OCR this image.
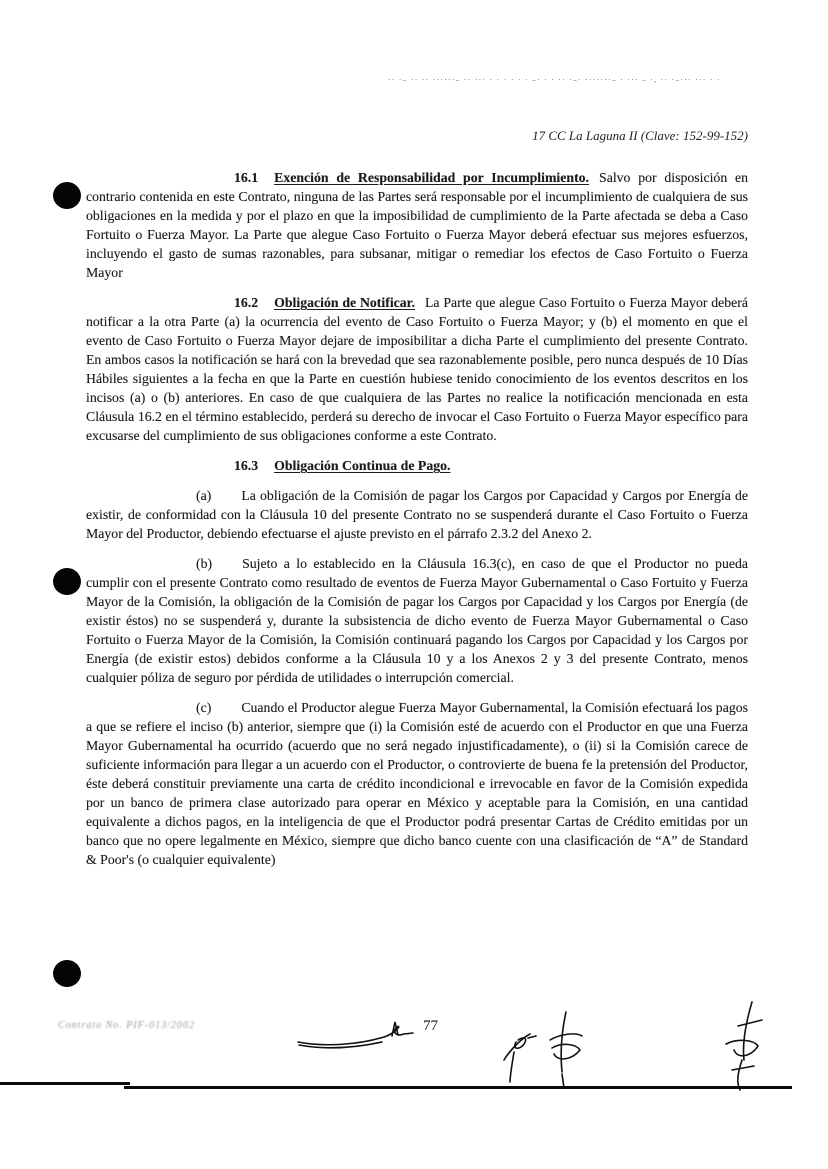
·· ·– ·· ·· ······– ·· ··· · · · · · · –· · · ·· ·–· ·······– · ··· – ·, ·· ·–··· ··· · ·
17 CC La Laguna II (Clave: 152-99-152)

16.1 Exención de Responsabilidad por Incumplimiento. Salvo por disposición en contrario contenida en este Contrato, ninguna de las Partes será responsable por el incumplimiento de cualquiera de sus obligaciones en la medida y por el plazo en que la imposibilidad de cumplimiento de la Parte afectada se deba a Caso Fortuito o Fuerza Mayor. La Parte que alegue Caso Fortuito o Fuerza Mayor deberá efectuar sus mejores esfuerzos, incluyendo el gasto de sumas razonables, para subsanar, mitigar o remediar los efectos de Caso Fortuito o Fuerza Mayor

16.2 Obligación de Notificar. La Parte que alegue Caso Fortuito o Fuerza Mayor deberá notificar a la otra Parte (a) la ocurrencia del evento de Caso Fortuito o Fuerza Mayor; y (b) el momento en que el evento de Caso Fortuito o Fuerza Mayor dejare de imposibilitar a dicha Parte el cumplimiento del presente Contrato. En ambos casos la notificación se hará con la brevedad que sea razonablemente posible, pero nunca después de 10 Días Hábiles siguientes a la fecha en que la Parte en cuestión hubiese tenido conocimiento de los eventos descritos en los incisos (a) o (b) anteriores. En caso de que cualquiera de las Partes no realice la notificación mencionada en esta Cláusula 16.2 en el término establecido, perderá su derecho de invocar el Caso Fortuito o Fuerza Mayor específico para excusarse del cumplimiento de sus obligaciones conforme a este Contrato.

16.3 Obligación Continua de Pago.

(a) La obligación de la Comisión de pagar los Cargos por Capacidad y Cargos por Energía de existir, de conformidad con la Cláusula 10 del presente Contrato no se suspenderá durante el Caso Fortuito o Fuerza Mayor del Productor, debiendo efectuarse el ajuste previsto en el párrafo 2.3.2 del Anexo 2.

(b) Sujeto a lo establecido en la Cláusula 16.3(c), en caso de que el Productor no pueda cumplir con el presente Contrato como resultado de eventos de Fuerza Mayor Gubernamental o Caso Fortuito y Fuerza Mayor de la Comisión, la obligación de la Comisión de pagar los Cargos por Capacidad y los Cargos por Energía (de existir éstos) no se suspenderá y, durante la subsistencia de dicho evento de Fuerza Mayor Gubernamental o Caso Fortuito o Fuerza Mayor de la Comisión, la Comisión continuará pagando los Cargos por Capacidad y los Cargos por Energía (de existir estos) debidos conforme a la Cláusula 10 y a los Anexos 2 y 3 del presente Contrato, menos cualquier póliza de seguro por pérdida de utilidades o interrupción comercial.

(c) Cuando el Productor alegue Fuerza Mayor Gubernamental, la Comisión efectuará los pagos a que se refiere el inciso (b) anterior, siempre que (i) la Comisión esté de acuerdo con el Productor en que una Fuerza Mayor Gubernamental ha ocurrido (acuerdo que no será negado injustificadamente), o (ii) si la Comisión carece de suficiente información para llegar a un acuerdo con el Productor, o controvierte de buena fe la pretensión del Productor, éste deberá constituir previamente una carta de crédito incondicional e irrevocable en favor de la Comisión expedida por un banco de primera clase autorizado para operar en México y aceptable para la Comisión, en una cantidad equivalente a dichos pagos, en la inteligencia de que el Productor podrá presentar Cartas de Crédito emitidas por un banco que no opere legalmente en México, siempre que dicho banco cuente con una clasificación de “A” de Standard & Poor's (o cualquier equivalente)

Contrato No. PIF-013/2002	77
